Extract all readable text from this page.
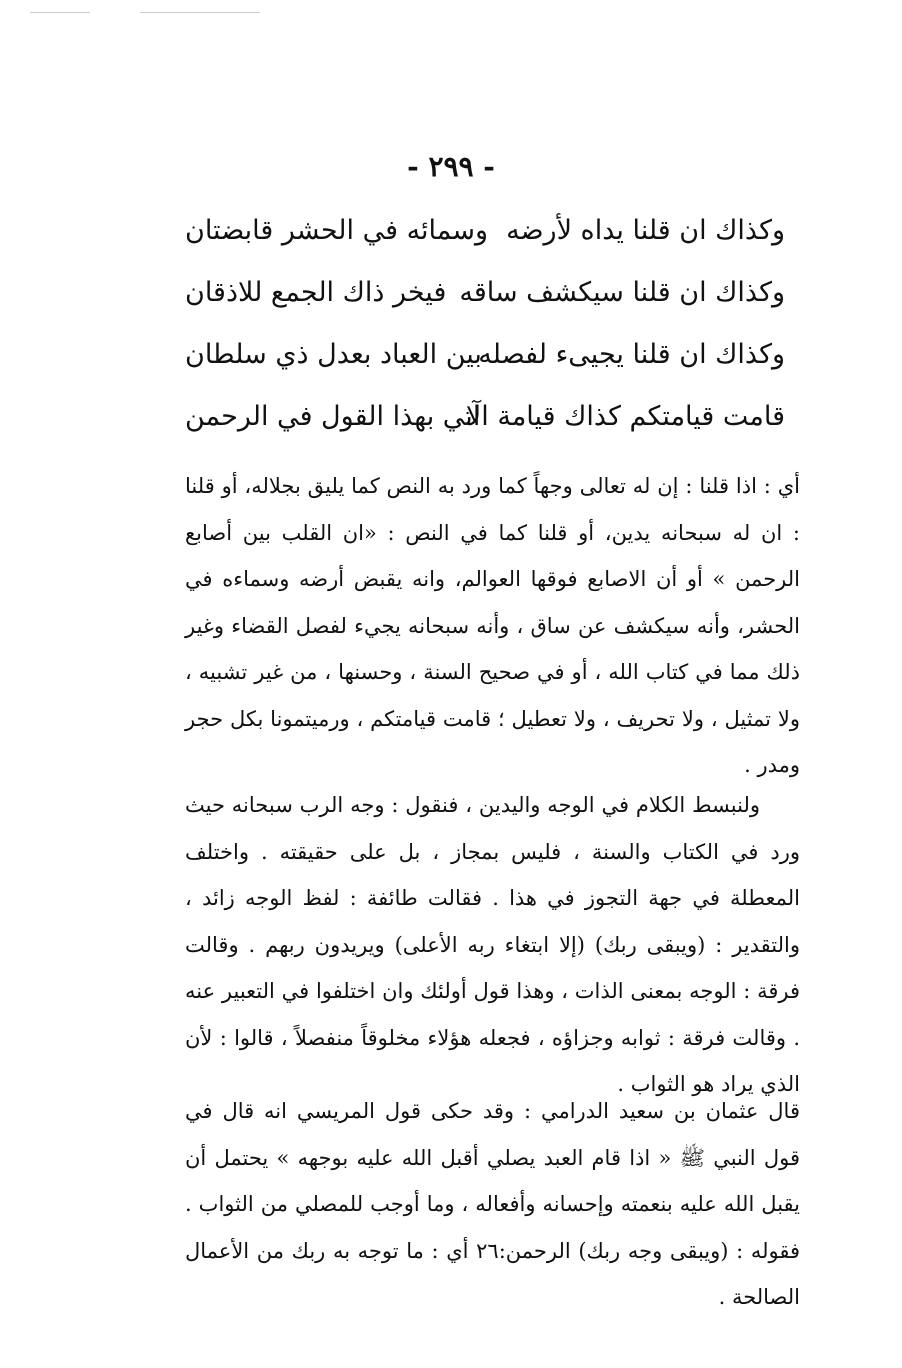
- ٢٩٩ -
وكذاك ان قلنا يداه لأرضه
وسمائه في الحشر قابضتان
وكذاك ان قلنا سيكشف ساقه
فيخر ذاك الجمع للاذقان
وكذاك ان قلنا يجيىء لفصله
بين العباد بعدل ذي سلطان
قامت قيامتكم كذاك قيامة الا
آتي بهذا القول في الرحمن

أي : اذا قلنا : إن له تعالى وجهاً كما ورد به النص كما يليق بجلاله، أو قلنا : ان له سبحانه يدين، أو قلنا كما في النص : «ان القلب بين أصابع الرحمن » أو أن الاصابع فوقها العوالم، وانه يقبض أرضه وسماءه في الحشر، وأنه سيكشف عن ساق ، وأنه سبحانه يجيء لفصل القضاء وغير ذلك مما في كتاب الله ، أو في صحيح السنة ، وحسنها ، من غير تشبيه ، ولا تمثيل ، ولا تحريف ، ولا تعطيل ؛ قامت قيامتكم ، ورميتمونا بكل حجر ومدر .

ولنبسط الكلام في الوجه واليدين ، فنقول : وجه الرب سبحانه حيث ورد في الكتاب والسنة ، فليس بمجاز ، بل على حقيقته . واختلف المعطلة في جهة التجوز في هذا . فقالت طائفة : لفظ الوجه زائد ، والتقدير : (ويبقى ربك) (إلا ابتغاء ربه الأعلى) ويريدون ربهم . وقالت فرقة : الوجه بمعنى الذات ، وهذا قول أولئك وان اختلفوا في التعبير عنه . وقالت فرقة : ثوابه وجزاؤه ، فجعله هؤلاء مخلوقاً منفصلاً ، قالوا : لأن الذي يراد هو الثواب .

قال عثمان بن سعيد الدرامي : وقد حكى قول المريسي انه قال في قول النبي ﷺ « اذا قام العبد يصلي أقبل الله عليه بوجهه » يحتمل أن يقبل الله عليه بنعمته وإحسانه وأفعاله ، وما أوجب للمصلي من الثواب . فقوله : (ويبقى وجه ربك) الرحمن:٢٦ أي : ما توجه به ربك من الأعمال الصالحة .
